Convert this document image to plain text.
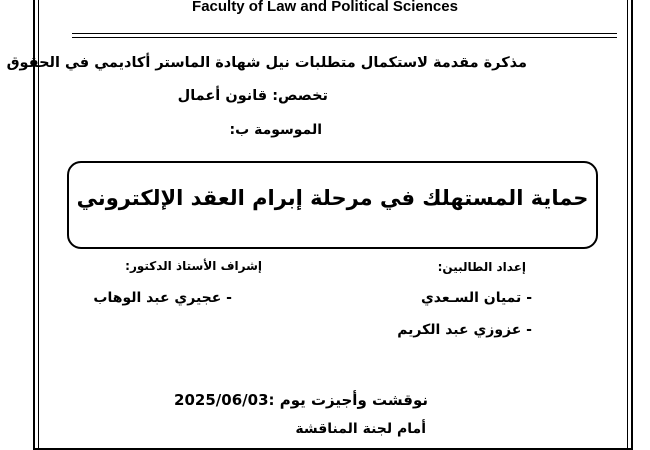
Faculty of Law and Political Sciences
مذكرة مقدمة لاستكمال متطلبات نيل شهادة الماستر أكاديمي في الحقوق
تخصص: قانون أعمال
الموسومة ب:
حماية المستهلك في مرحلة إبرام العقد الإلكتروني
إعداد الطالبين:
إشراف الأستاذ الدكتور:
- تميان السـعدي
- عزوزي عبد الكريم
- عجيري عبد الوهاب
نوقشت وأجيزت يوم :2025/06/03
أمام لجنة المناقشة
